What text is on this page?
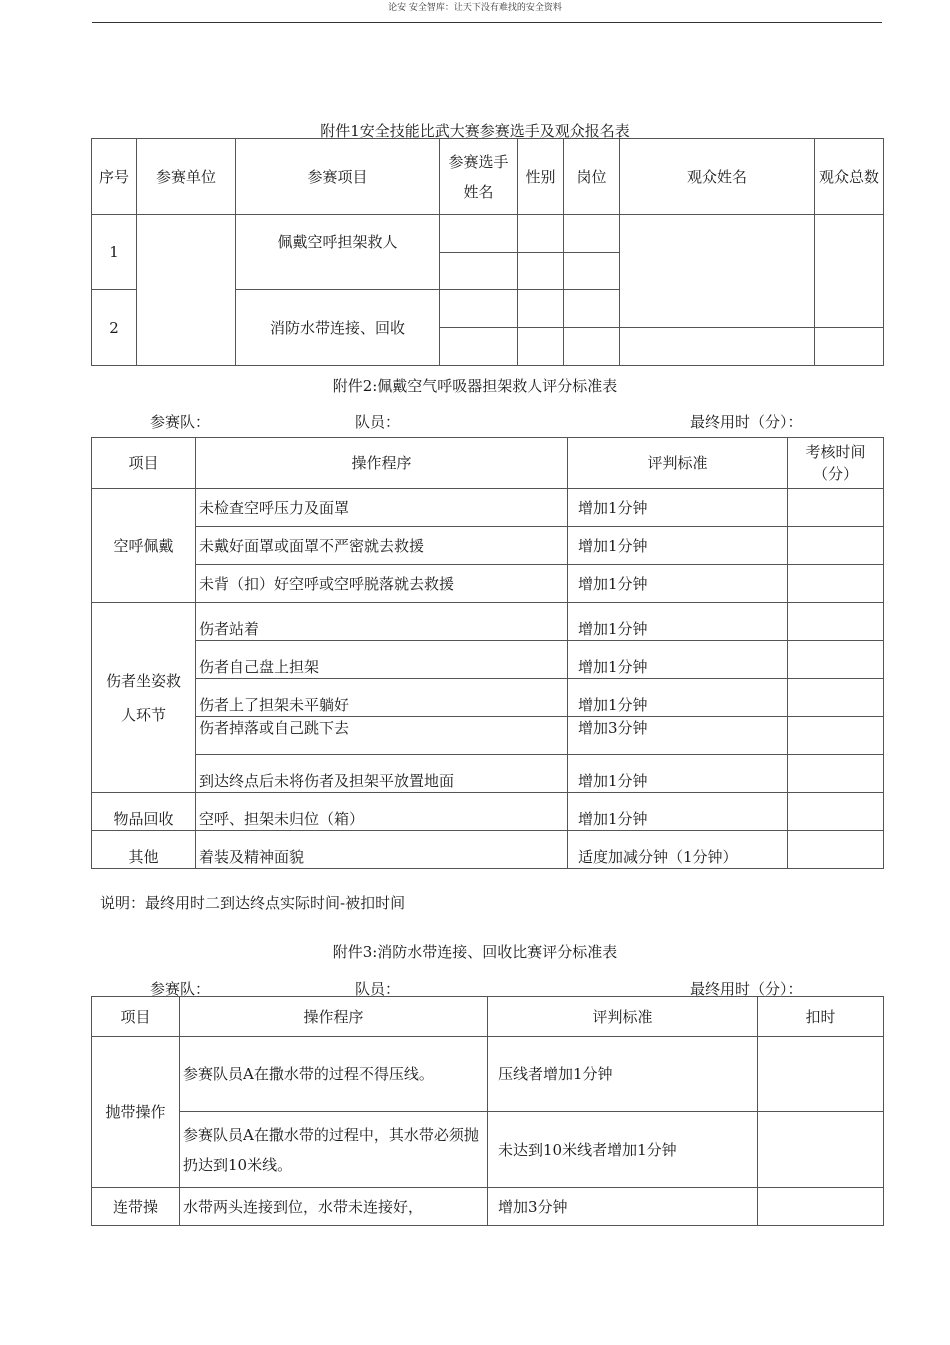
论安 安全智库：让天下没有难找的安全资料
附件1安全技能比武大赛参赛选手及观众报名表
序号	参赛单位	参赛项目	参赛选手姓名	性别	岗位	观众姓名	观众总数
1		佩戴空呼担架救人					

2		消防水带连接、回收					

附件2:佩戴空气呼吸器担架救人评分标准表
参赛队：	队员：	最终用时（分）：
项目	操作程序	评判标准	考核时间（分）
空呼佩戴	未检查空呼压力及面罩	增加1分钟	
	未戴好面罩或面罩不严密就去救援	增加1分钟	
	未背（扣）好空呼或空呼脱落就去救援	增加1分钟	
伤者坐姿救人环节	伤者站着	增加1分钟	
	伤者自己盘上担架	增加1分钟	
	伤者上了担架未平躺好	增加1分钟	
	伤者掉落或自己跳下去	增加3分钟	
	到达终点后未将伤者及担架平放置地面	增加1分钟	
物品回收	空呼、担架未归位（箱）	增加1分钟	
其他	着装及精神面貌	适度加减分钟（1分钟）	
说明：最终用时二到达终点实际时间-被扣时间
附件3:消防水带连接、回收比赛评分标准表
参赛队：	队员：	最终用时（分）：
项目	操作程序	评判标准	扣时
抛带操作	参赛队员A在撒水带的过程不得压线。	压线者增加1分钟	
	参赛队员A在撒水带的过程中，其水带必须抛扔达到10米线。	未达到10米线者增加1分钟	
连带操	水带两头连接到位，水带未连接好，	增加3分钟	
